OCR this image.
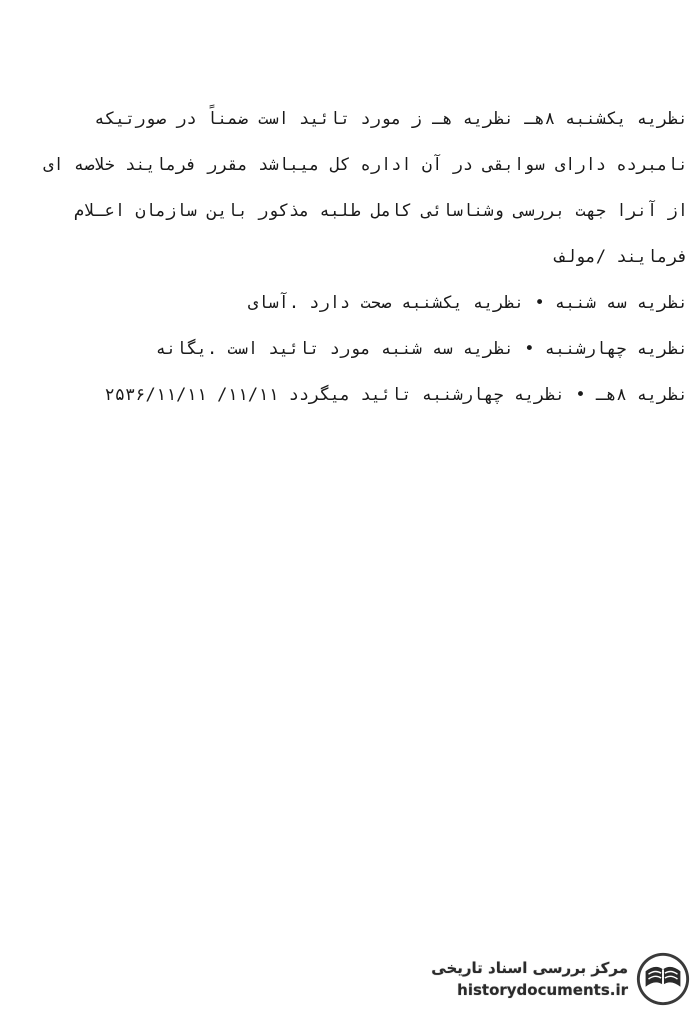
نظریه یکشنبه ۸هـ نظریه هـ ز مورد تائید است ضمناً در صورتیکه
نامبرده دارای سوابقی در آن اداره کل میباشد مقرر فرمایند خلاصه ای
از آنرا جهت بررسی وشناسائی کامل طلبه مذکور باین سازمان اعـلام
فرمایند /مولف
نظریه سه شنبه • نظریه یکشنبه صحت دارد .آسای
نظریه چهارشنبه • نظریه سه شنبه مورد تائید است .یگانه
نظریه ۸هـ • نظریه چهارشنبه تائید میگردد ۱۱/۱۱/ ۲۵۳۶/۱۱/۱۱
مرکز بررسی اسناد تاریخی
historydocuments.ir
